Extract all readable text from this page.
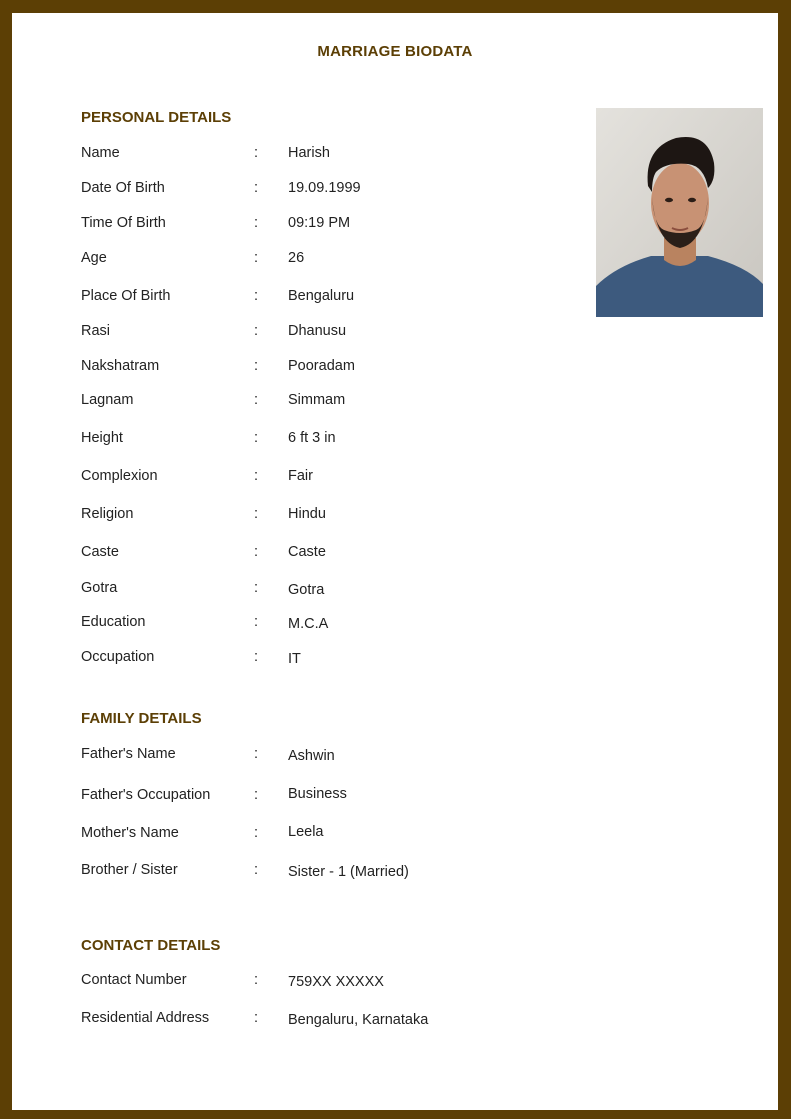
MARRIAGE BIODATA
PERSONAL DETAILS
Name	: Harish
Date Of Birth	: 19.09.1999
Time Of Birth	: 09:19 PM
Age	: 26
Place Of Birth	: Bengaluru
Rasi	: Dhanusu
Nakshatram	: Pooradam
Lagnam	: Simmam
Height	: 6 ft 3 in
Complexion	: Fair
Religion	: Hindu
Caste	: Caste
Gotra	: Gotra
Education	: M.C.A
Occupation	: IT
FAMILY DETAILS
Father's Name	: Ashwin
Father's Occupation	: Business
Mother's Name	: Leela
Brother / Sister	: Sister - 1 (Married)
CONTACT DETAILS
Contact Number	: 759XX XXXXX
Residential Address	: Bengaluru, Karnataka
